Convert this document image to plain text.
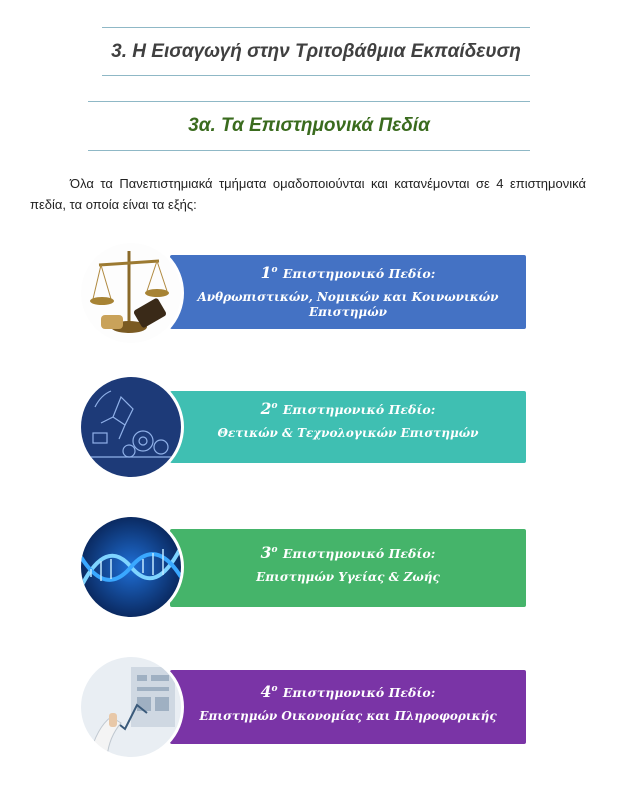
3. Η Εισαγωγή στην Τριτοβάθμια Εκπαίδευση
3α. Τα Επιστημονικά Πεδία

Όλα τα Πανεπιστημιακά τμήματα ομαδοποιούνται και κατανέμονται σε 4 επιστημονικά πεδία, τα οποία είναι τα εξής:

$1^o$ Επιστημονικό Πεδίο:
Ανθρωπιστικών, Νομικών και Κοινωνικών Επιστημών
$2^o$ Επιστημονικό Πεδίο:
Θετικών & Τεχνολογικών Επιστημών
$3^o$ Επιστημονικό Πεδίο:
Επιστημών Υγείας & Ζωής
$4^o$ Επιστημονικό Πεδίο:
Επιστημών Οικονομίας και Πληροφορικής
